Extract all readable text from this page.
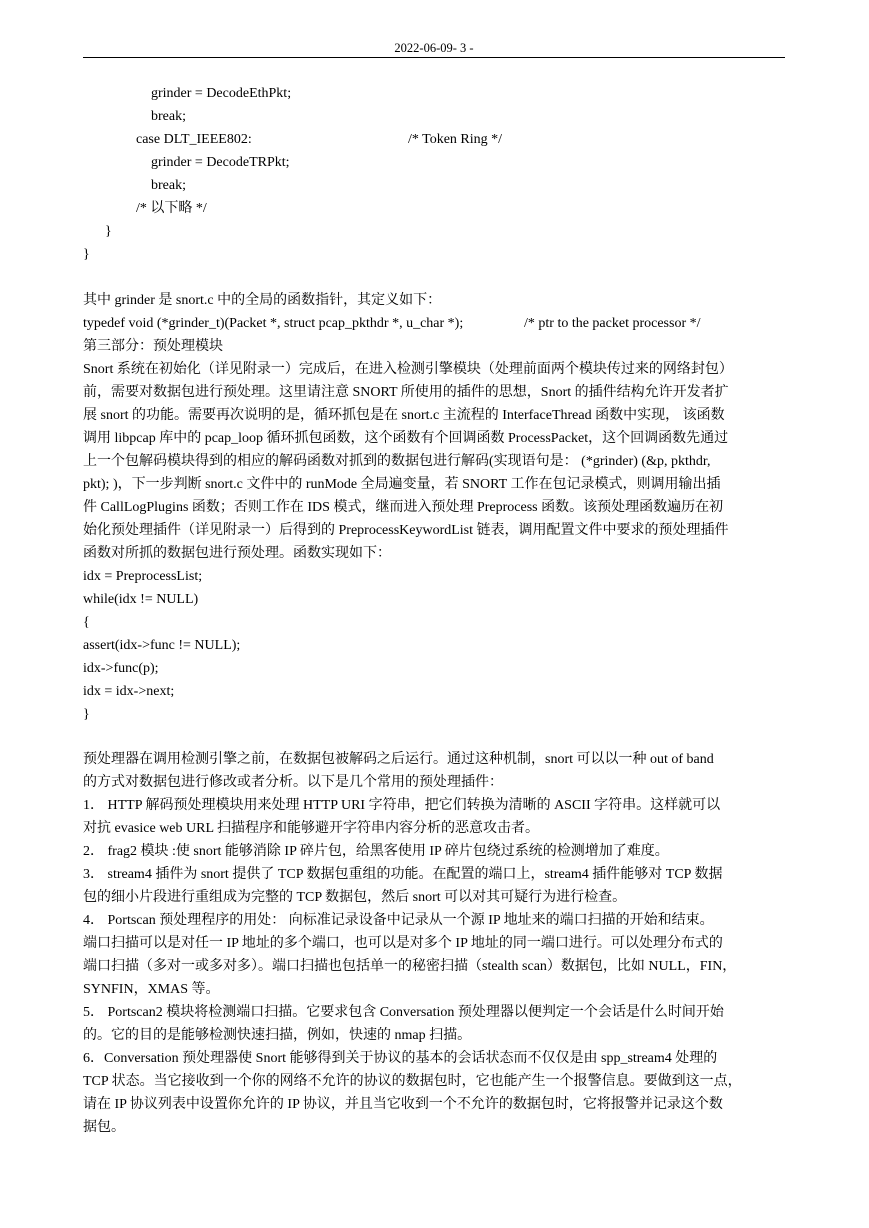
2022-06-09- 3 -
grinder = DecodeEthPkt;
break;
case DLT_IEEE802:	/* Token Ring */
grinder = DecodeTRPkt;
break;
/* 以下略 */
}
}
其中 grinder 是 snort.c 中的全局的函数指针，其定义如下：
typedef void (*grinder_t)(Packet *, struct pcap_pkthdr *, u_char *);	/* ptr to the packet processor */
第三部分：预处理模块
Snort 系统在初始化（详见附录一）完成后，在进入检测引擎模块（处理前面两个模块传过来的网络封包）
前，需要对数据包进行预处理。这里请注意 SNORT 所使用的插件的思想，Snort 的插件结构允许开发者扩
展 snort 的功能。需要再次说明的是，循环抓包是在 snort.c 主流程的 InterfaceThread 函数中实现， 该函数
调用 libpcap 库中的 pcap_loop 循环抓包函数，这个函数有个回调函数 ProcessPacket，这个回调函数先通过
上一个包解码模块得到的相应的解码函数对抓到的数据包进行解码(实现语句是： (*grinder) (&p, pkthdr,
pkt); )，下一步判断 snort.c 文件中的 runMode 全局遍变量，若 SNORT 工作在包记录模式，则调用输出插
件 CallLogPlugins 函数；否则工作在 IDS 模式，继而进入预处理 Preprocess 函数。该预处理函数遍历在初
始化预处理插件（详见附录一）后得到的 PreprocessKeywordList 链表，调用配置文件中要求的预处理插件
函数对所抓的数据包进行预处理。函数实现如下：
idx = PreprocessList;
while(idx != NULL)
{
assert(idx->func != NULL);
idx->func(p);
idx = idx->next;
}
预处理器在调用检测引擎之前，在数据包被解码之后运行。通过这种机制，snort 可以以一种 out of band
的方式对数据包进行修改或者分析。以下是几个常用的预处理插件：
1． HTTP 解码预处理模块用来处理 HTTP URI 字符串，把它们转换为清晰的 ASCII 字符串。这样就可以
对抗 evasice web URL 扫描程序和能够避开字符串内容分析的恶意攻击者。
2． frag2 模块 :使 snort 能够消除 IP 碎片包，给黑客使用 IP 碎片包绕过系统的检测增加了难度。
3． stream4 插件为 snort 提供了 TCP 数据包重组的功能。在配置的端口上，stream4 插件能够对 TCP 数据
包的细小片段进行重组成为完整的 TCP 数据包，然后 snort 可以对其可疑行为进行检查。
4． Portscan 预处理程序的用处： 向标准记录设备中记录从一个源 IP 地址来的端口扫描的开始和结束。
端口扫描可以是对任一 IP 地址的多个端口，也可以是对多个 IP 地址的同一端口进行。可以处理分布式的
端口扫描（多对一或多对多）。端口扫描也包括单一的秘密扫描（stealth scan）数据包，比如 NULL，FIN，
SYNFIN，XMAS 等。
5． Portscan2 模块将检测端口扫描。它要求包含 Conversation 预处理器以便判定一个会话是什么时间开始
的。它的目的是能够检测快速扫描，例如，快速的 nmap 扫描。
6．Conversation 预处理器使 Snort 能够得到关于协议的基本的会话状态而不仅仅是由 spp_stream4 处理的
TCP 状态。当它接收到一个你的网络不允许的协议的数据包时，它也能产生一个报警信息。要做到这一点，
请在 IP 协议列表中设置你允许的 IP 协议，并且当它收到一个不允许的数据包时，它将报警并记录这个数
据包。
